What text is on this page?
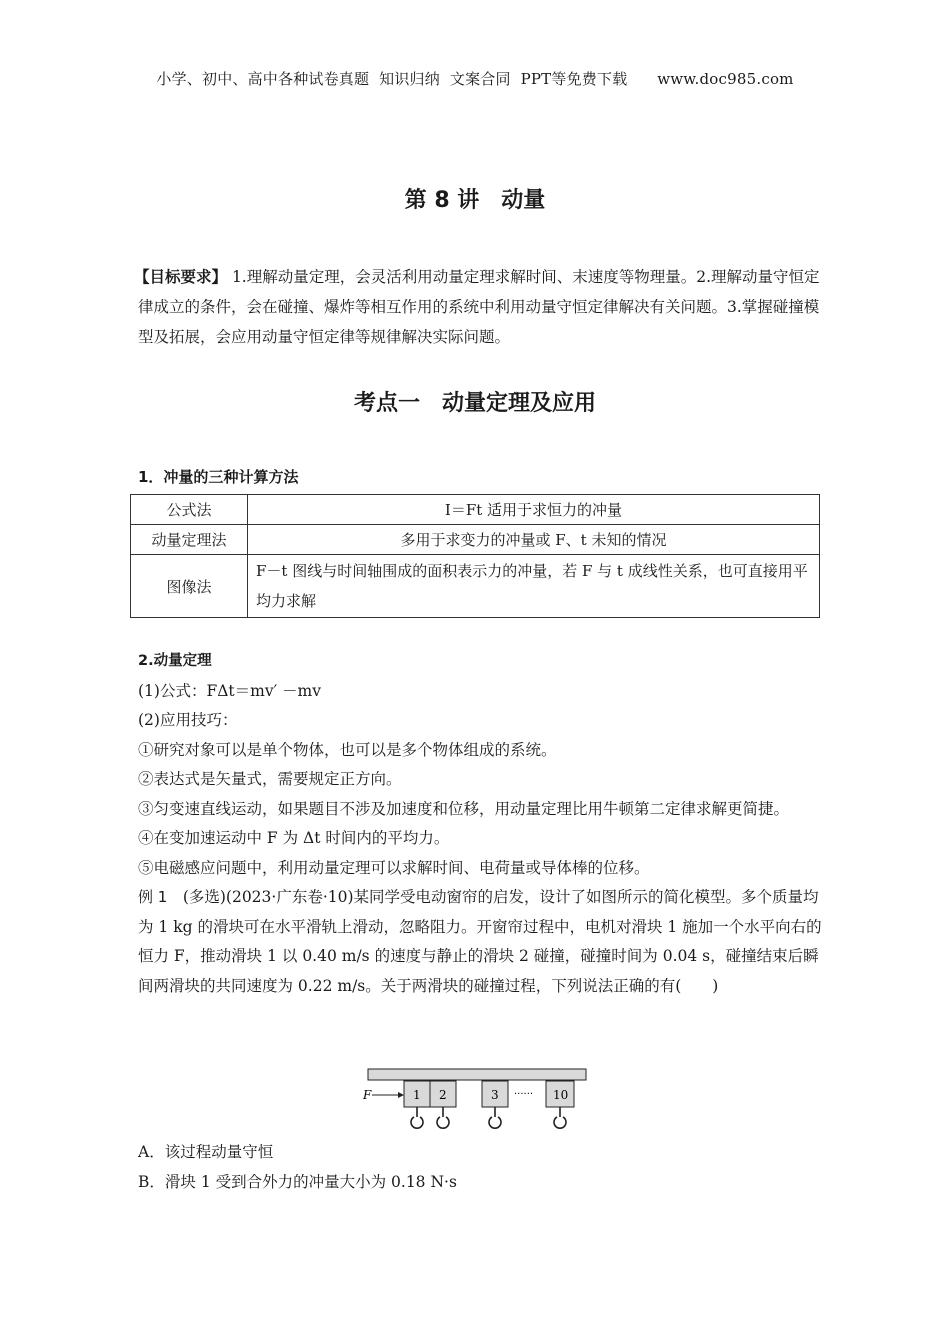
小学、初中、高中各种试卷真题  知识归纳  文案合同  PPT等免费下载      www.doc985.com
第 8 讲　动量
【目标要求】 1.理解动量定理，会灵活利用动量定理求解时间、末速度等物理量。2.理解动量守恒定律成立的条件，会在碰撞、爆炸等相互作用的系统中利用动量守恒定律解决有关问题。3.掌握碰撞模型及拓展，会应用动量守恒定律等规律解决实际问题。
考点一　动量定理及应用
1．冲量的三种计算方法
公式法	I＝Ft 适用于求恒力的冲量
动量定理法	多用于求变力的冲量或 F、t 未知的情况
图像法	F－t 图线与时间轴围成的面积表示力的冲量，若 F 与 t 成线性关系，也可直接用平均力求解

2.动量定理

(1)公式：FΔt＝mv′ －mv

(2)应用技巧：

①研究对象可以是单个物体，也可以是多个物体组成的系统。

②表达式是矢量式，需要规定正方向。

③匀变速直线运动，如果题目不涉及加速度和位移，用动量定理比用牛顿第二定律求解更简捷。

④在变加速运动中 F 为 Δt 时间内的平均力。

⑤电磁感应问题中，利用动量定理可以求解时间、电荷量或导体棒的位移。

例 1　(多选)(2023·广东卷·10)某同学受电动窗帘的启发，设计了如图所示的简化模型。多个质量均为 1 kg 的滑块可在水平滑轨上滑动，忽略阻力。开窗帘过程中，电机对滑块 1 施加一个水平向右的恒力 F，推动滑块 1 以 0.40 m/s 的速度与静止的滑块 2 碰撞，碰撞时间为 0.04 s，碰撞结束后瞬间两滑块的共同速度为 0.22 m/s。关于两滑块的碰撞过程，下列说法正确的有(　　)

F	1 2	3 ······ 10

A．该过程动量守恒

B．滑块 1 受到合外力的冲量大小为 0.18 N·s
